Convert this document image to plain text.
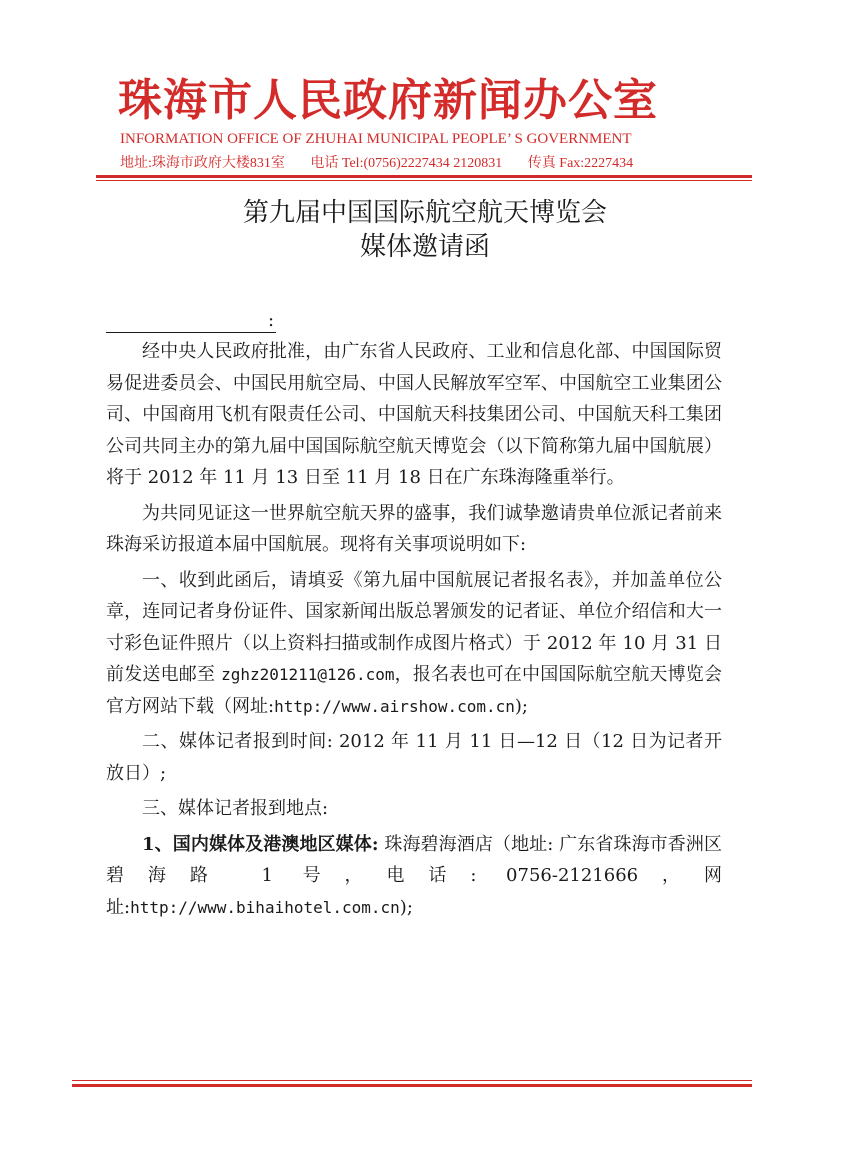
珠海市人民政府新闻办公室
INFORMATION OFFICE OF ZHUHAI MUNICIPAL PEOPLE’ S GOVERNMENT
地址:珠海市政府大楼831室 电话 Tel:(0756)2227434 2120831 传真 Fax:2227434
第九届中国国际航空航天博览会
媒体邀请函
:

经中央人民政府批准，由广东省人民政府、工业和信息化部、中国国际贸易促进委员会、中国民用航空局、中国人民解放军空军、中国航空工业集团公司、中国商用飞机有限责任公司、中国航天科技集团公司、中国航天科工集团公司共同主办的第九届中国国际航空航天博览会（以下简称第九届中国航展）将于 2012 年 11 月 13 日至 11 月 18 日在广东珠海隆重举行。

为共同见证这一世界航空航天界的盛事，我们诚挚邀请贵单位派记者前来珠海采访报道本届中国航展。现将有关事项说明如下:

一、收到此函后，请填妥《第九届中国航展记者报名表》，并加盖单位公章，连同记者身份证件、国家新闻出版总署颁发的记者证、单位介绍信和大一寸彩色证件照片（以上资料扫描或制作成图片格式）于 2012 年 10 月 31 日前发送电邮至 zghz201211@126.com，报名表也可在中国国际航空航天博览会官方网站下载（网址:http://www.airshow.com.cn);

二、媒体记者报到时间: 2012 年 11 月 11 日—12 日（12 日为记者开放日）;

三、媒体记者报到地点:

1、国内媒体及港澳地区媒体: 珠海碧海酒店（地址: 广东省珠海市香洲区碧海路 1 号，电话: 0756-2121666，网址:http://www.bihaihotel.com.cn);
